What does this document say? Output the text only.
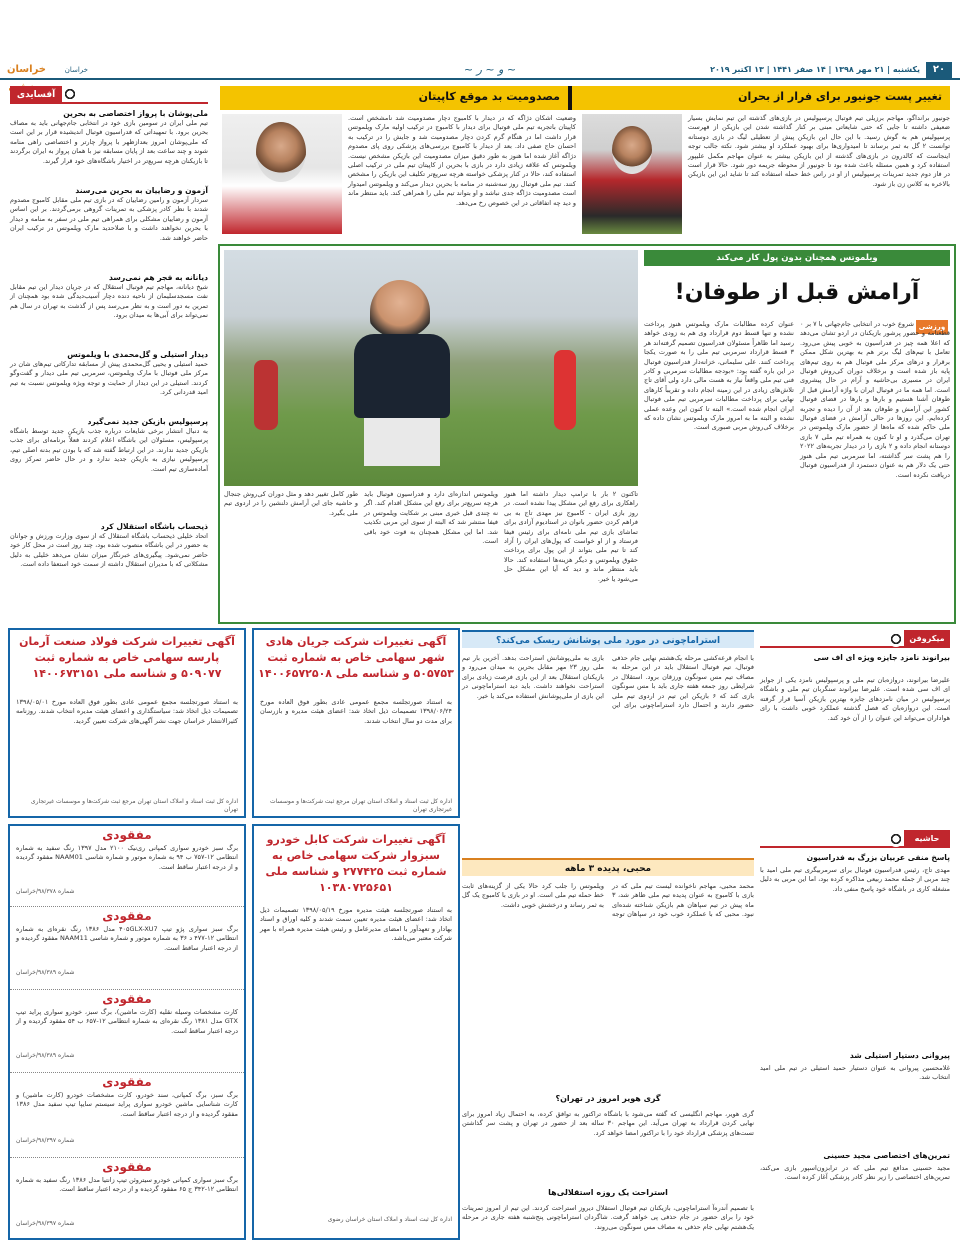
۲۰
یکشنبه | ۲۱ مهر ۱۳۹۸ | ۱۴ صفر ۱۴۴۱ | ۱۳ اکتبر ۲۰۱۹
~ ﻭ ~ ﺭ ~
خراسان	خراسان
تغییر پست جونیور برای فرار از بحران
مصدومیت بد موقع کاپیتان
جونیور برانداگو، مهاجم برزیلی تیم فوتبال پرسپولیس در بازی‌های گذشته این تیم نمایش بسیار ضعیفی داشته تا جایی که حتی شایعاتی مبنی بر کنار گذاشته شدن این بازیکن از فهرست پرسپولیس هم به گوش رسید. با این حال این بازیکن پیش از تعطیلی لیگ در بازی دوستانه توانست ۲ گل به ثمر برساند تا امیدواری‌ها برای بهبود عملکرد او بیشتر شود. نکته جالب توجه اینجاست که کالدرون در بازی‌های گذشته از این بازیکن بیشتر به عنوان مهاجم مکمل علیپور استفاده کرد و همین مسئله باعث شده بود تا جونیور از محوطه جریمه دور شود. حالا قرار است در فاز دوم جدید تمرینات پرسپولیس از او در راس خط حمله استفاده کند تا شاید این این بازیکن بالاخره به کلاس زن باز شود.
وضعیت اشکان دژاگه که در دیدار با کامبوج دچار مصدومیت شد نامشخص است. کاپیتان باتجربه تیم ملی فوتبال برای دیدار با کامبوج در ترکیب اولیه مارک ویلموتس قرار داشت اما در هنگام گرم کردن دچار مصدومیت شد و جایش را در ترکیب به احسان حاج صفی داد. بعد از دیدار با کامبوج بررسی‌های پزشکی روی پای مصدوم دژاگه آغاز شده اما هنوز به طور دقیق میزان مصدومیت این بازیکن مشخص نیست. ویلموتس که علاقه زیادی دارد در بازی با بحرین از کاپیتان تیم ملی در ترکیب اصلی استفاده کند، حالا در کنار پزشکی خواسته هرچه سریع‌تر تکلیف این بازیکن را مشخص کنند. تیم ملی فوتبال روز سه‌شنبه در منامه با بحرین دیدار می‌کند و ویلموتس امیدوار است مصدومیت دژاگه جدی نباشد و او بتواند تیم ملی را همراهی کند. باید منتظر ماند و دید چه اتفاقاتی در این خصوص رخ می‌دهد.
آفسایدی
ملی‌پوشان با پرواز اختصاصی به بحرین
تیم ملی ایران در سومین بازی خود در انتخابی جام‌جهانی باید به مصاف بحرین برود. با تمهیداتی که فدراسیون فوتبال اندیشیده قرار بر این است که ملی‌پوشان امروز بعدازظهر با پرواز چارتر و اختصاصی راهی منامه شوند و چند ساعت بعد از پایان مسابقه نیز با همان پرواز به ایران برگردند تا بازیکنان هرچه سریع‌تر در اختیار باشگاه‌های خود قرار گیرند.
آزمون و رضاییان به بحرین می‌رسند
سردار آزمون و رامین رضاییان که در بازی تیم ملی مقابل کامبوج مصدوم شدند با نظر کادر پزشکی به تمرینات گروهی برمی‌گردند. بر این اساس آزمون و رضاییان مشکلی برای همراهی تیم ملی در سفر به منامه و دیدار با بحرین نخواهند داشت و با صلاحدید مارک ویلموتس در ترکیب ایران حاضر خواهند شد.
دیانانه به فجر هم نمی‌رسد
شیخ دیانانه، مهاجم تیم فوتبال استقلال که در جریان دیدار این تیم مقابل نفت مسجدسلیمان از ناحیه دنده دچار آسیب‌دیدگی شده بود همچنان از تمرین به دور است و به نظر می‌رسد پس از گذشت به تهران در سال هم نمی‌تواند برای آبی‌ها به میدان برود.
دیدار استیلی و گل‌محمدی با ویلموتس
حمید استیلی و یحیی گل‌محمدی پیش از مسابقه تدارکاتی تیم‌های شان در مرکز ملی فوتبال با مارک ویلموتس، سرمربی تیم ملی دیدار و گفت‌وگو کردند. استیلی در این دیدار از حمایت و توجه ویژه ویلموتس نسبت به تیم امید قدردانی کرد.
پرسپولیس بازیکن جدید نمی‌گیرد
به دنبال انتشار برخی شایعات درباره جذب بازیکن جدید توسط باشگاه پرسپولیس، مسئولان این باشگاه اعلام کردند فعلاً برنامه‌ای برای جذب بازیکن جدید ندارند. در این ارتباط گفته شد که با بودن تیم بدنه اصلی تیم، پرسپولیس نیازی به بازیکن جدید ندارد و در حال حاضر تمرکز روی آماده‌سازی تیم است.
ذیحساب باشگاه استقلال کرد
اتحاد خلیلی ذیحساب باشگاه استقلال که از سوی وزارت ورزش و جوانان به حضور در این باشگاه منصوب شده بود، چند روز است در محل کار خود حاضر نمی‌شود. پیگیری‌های خبرنگار میزان نشان می‌دهد خلیلی به دلیل مشکلاتی که با مدیران استقلال داشته از سمت خود استعفا داده است.
ویلموتس همچنان بدون پول کار می‌کند
آرامش قبل از طوفان!
ورزشی
شروع خوب در انتخابی جام‌جهانی با ۷ بر ۰ قطعنامه و حضور پرشور بازیکنان در اردو تشان می‌دهد که اعلا همه چیز در فدراسیون به خوبی پیش می‌رود. تعامل با تیم‌های لیگ برتر هم به بهترین شکل ممکن برقرار و درهای مرکز ملی فوتبال هم به روی تیم‌های پایه باز شده است و برخلاف دوران کی‌روش فوتبال ایران در مسیری بی‌حاشیه و آرام در حال پیشروی است. اما همه ما در فوتبال ایران با واژه آرامش قبل از طوفان آشنا هستیم و بارها و بارها در فضای فوتبال کشور این آرامش و طوفان بعد از آن را دیده و تجربه کرده‌ایم. این روزها در حالی آرامش در فضای فوتبال ملی حاکم شده که ماه‌ها از حضور مارک ویلموتس در تهران می‌گذرد و او تا کنون به همراه تیم ملی ۷ بازی دوستانه انجام داده و ۲ بازی را در دیدار تجربه‌های ۲۰۲۲ را هم پشت سر گذاشته، اما سرمربی تیم ملی هنوز حتی یک دلار هم به عنوان دستمزد از فدراسیون فوتبال دریافت نکرده است.
عنوان کرده مطالبات مارک ویلموتس هنوز پرداخت نشده و تنها قسط دوم قرارداد وی هم به زودی خواهد رسید اما ظاهراً مسئولان فدراسیون تصمیم گرفته‌اند هر ۳ قسط قرارداد سرمربی تیم ملی را به صورت یکجا پرداخت کنند. علی سلیمانی، خزانه‌دار فدراسیون فوتبال در این باره گفته بود: «بودجه مطالبات سرمربی و کادر فنی تیم ملی واقعاً نیاز به هست مالی دارد ولی آقای تاج تلاش‌های زیادی در این زمینه انجام داده و تقریباً کارهای نهایی برای پرداخت مطالبات سرمربی تیم ملی فوتبال ایران انجام شده است.» البته تا کنون این وعده عملی نشده و البته ما به امروز مارک ویلموتس نشان داده که برخلاف کی‌روش مربی صبوری است.
تاکنون ۲ بار با ترامپ دیدار داشته اما هنوز راهکاری برای رفع این مشکل پیدا نشده است. در روز بازی ایران - کامبوج نیز مهدی تاج به بی فراهم کردن حضور بانوان در استادیوم آزادی برای تماشای بازی تیم ملی نامه‌ای برای رئیس فیفا فرستاد و از او خواست که پول‌های ایران را آزاد کند تا تیم ملی بتواند از این پول برای پرداخت حقوق ویلموتس و دیگر هزینه‌ها استفاده کند. حالا باید منتظر ماند و دید که آیا این مشکل حل می‌شود یا خیر.
ویلموتس اندازه‌ای دارد و فدراسیون فوتبال باید هرچه سریع‌تر برای رفع این مشکل اقدام کند. اگر نه چندی قبل خبری مبنی بر شکایت ویلموتس در فیفا منتشر شد که البته از سوی این مربی تکذیب شد. اما این مشکل همچنان به قوت خود باقی است.
طور کامل تغییر دهد و مثل دوران کی‌روش جنجال و حاشیه جای این آرامش دلنشین را در اردوی تیم ملی بگیرد.
میکروفن
بیرانوند نامزد جایزه ویژه ای اف سی
علیرضا بیرانوند، دروازه‌بان تیم ملی و پرسپولیس نامزد یکی از جوایز ای اف سی شده است. علیرضا بیرانوند سنگربان تیم ملی و باشگاه پرسپولیس در میان نامزدهای جایزه بهترین بازیکن آسیا قرار گرفته است. این دروازه‌بان که فصل گذشته عملکرد خوبی داشت با رای هواداران می‌تواند این عنوان را از آن خود کند.
حاشیه
پاسخ منفی عربیان بزرگ به فدراسیون
مهدی تاج، رئیس فدراسیون فوتبال برای سرمربیگری تیم ملی امید با چند مربی از جمله محمد ربیعی مذاکره کرده بود، اما این مربی به دلیل مشغله کاری در باشگاه خود پاسخ منفی داد.
پیروانی دستیار استیلی شد
غلامحسین پیروانی به عنوان دستیار حمید استیلی در تیم ملی امید انتخاب شد.
تمرین‌های اختصاصی مجید حسینی
مجید حسینی مدافع تیم ملی که در ترابزون‌اسپور بازی می‌کند، تمرین‌های اختصاصی را زیر نظر کادر پزشکی آغاز کرده است.
استراماچونی در مورد ملی پوشانش ریسک می‌کند؟
با انجام قرعه‌کشی مرحله یک‌هشتم نهایی جام حذفی فوتبال، تیم فوتبال استقلال باید در این مرحله به مصاف تیم مس سونگون ورزقان برود. استقلال در شرایطی روز جمعه هفته جاری باید با مس سونگون بازی کند که ۶ بازیکن این تیم در اردوی تیم ملی حضور دارند و احتمال دارد استراماچونی برای این بازی به ملی‌پوشانش استراحت بدهد. آخرین بار تیم ملی روز ۲۳ مهر مقابل بحرین به میدان می‌رود و بازیکنان استقلال بعد از این بازی فرصت زیادی برای استراحت نخواهند داشت. باید دید استراماچونی در این بازی از ملی‌پوشانش استفاده می‌کند یا خیر.
محبی، پدیده ۳ ماهه
محمد محبی، مهاجم ناخوانده لیست تیم ملی که در بازی با کامبوج به عنوان پدیده تیم ملی ظاهر شد، ۳ ماه پیش در تیم سپاهان هم بازیکن شناخته شده‌ای نبود. محبی که با عملکرد خوب خود در سپاهان توجه ویلموتس را جلب کرد حالا یکی از گزینه‌های ثابت خط حمله تیم ملی است. او در بازی با کامبوج یک گل به ثمر رساند و درخشش خوبی داشت.
گری هویر امروز در تهران؟
گری هویر، مهاجم انگلیسی که گفته می‌شود با باشگاه تراکتور به توافق کرده، به احتمال زیاد امروز برای نهایی کردن قرارداد به تهران می‌آید. این مهاجم ۳۰ ساله بعد از حضور در تهران و پشت سر گذاشتن تست‌های پزشکی قرارداد خود را با تراکتور امضا خواهد کرد.
استراحت یک روزه استقلالی‌ها
با تصمیم آندره‌آ استراماچونی، بازیکنان تیم فوتبال استقلال دیروز استراحت کردند. این تیم از امروز تمرینات خود را برای حضور در جام حذفی پی خواهد گرفت. شاگردان استراماچونی پنج‌شنبه هفته جاری در مرحله یک‌هشتم نهایی جام حذفی به مصاف مس سونگون می‌روند.
آگهی تغییرات شرکت فولاد صنعت آرمان پارسه سهامی خاص به شماره ثبت ۵۰۹۰۷۷ و شناسه ملی ۱۴۰۰۶۷۳۱۵۱
به استناد صورتجلسه مجمع عمومی عادی بطور فوق العاده مورخ ۱۳۹۸/۰۵/۰۱ تصمیمات ذیل اتخاذ شد: سیاستگذاری و اعضای هیئت مدیره انتخاب شدند. روزنامه کثیرالانتشار خراسان جهت نشر آگهی‌های شرکت تعیین گردید.
اداره کل ثبت اسناد و املاک استان تهران مرجع ثبت شرکت‌ها و موسسات غیرتجاری تهران
آگهی تغییرات شرکت جریان هادی شهر سهامی خاص به شماره ثبت ۵۰۵۷۵۳ و شناسه ملی ۱۴۰۰۶۵۷۲۵۰۸
به استناد صورتجلسه مجمع عمومی عادی بطور فوق العاده مورخ ۱۳۹۸/۰۶/۲۴ تصمیمات ذیل اتخاذ شد: اعضای هیئت مدیره و بازرسان برای مدت دو سال انتخاب شدند.
اداره کل ثبت اسناد و املاک استان تهران مرجع ثبت شرکت‌ها و موسسات غیرتجاری تهران
آگهی تغییرات شرکت کابل خودرو سبزوار شرکت سهامی خاص به شماره ثبت ۲۷۷۴۲۵ و شناسه ملی ۱۰۳۸۰۷۲۵۶۵۱
به استناد صورتجلسه هیئت مدیره مورخ ۱۳۹۸/۰۵/۱۹ تصمیمات ذیل اتخاذ شد: اعضای هیئت مدیره تعیین سمت شدند و کلیه اوراق و اسناد بهادار و تعهدآور با امضای مدیرعامل و رئیس هیئت مدیره همراه با مهر شرکت معتبر می‌باشد.
اداره کل ثبت اسناد و املاک استان خراسان رضوی
مفقودی
برگ سبز خودرو سواری کمپانی ری‌نیک ۲۱۰۰ مدل ۱۳۹۷ رنگ سفید به شماره انتظامی ۱۲-۷۵۷ ب ۹۴ به شماره موتور و شماره شاسی NAAM01 مفقود گردیده و از درجه اعتبار ساقط است.
شماره ۹۸/۳۷۸/خراسان
مفقودی
برگ سبز سواری پژو تیپ ۴۰۵GLX-XU7 مدل ۱۳۸۶ رنگ نقره‌ای به شماره انتظامی ۱۲-۴۷۷ د ۳۶ به شماره موتور و شماره شاسی NAAM11 مفقود گردیده و از درجه اعتبار ساقط است.
شماره ۹۸/۳۸۹/خراسان
مفقودی
کارت مشخصات وسیله نقلیه (کارت ماشین)، برگ سبز، خودرو سواری پراید تیپ GTX مدل ۱۳۸۱ رنگ نقره‌ای به شماره انتظامی ۱۲-۶۵۷ ب ۵۴ مفقود گردیده و از درجه اعتبار ساقط است.
شماره ۹۸/۳۸۹/خراسان
مفقودی
برگ سبز، برگ کمپانی، سند خودرو، کارت مشخصات خودرو (کارت ماشین) و کارت شناسایی ماشین خودرو سواری پراید سیستم سایپا تیپ سفید مدل ۱۳۸۶ مفقود گردیده و از درجه اعتبار ساقط است.
شماره ۹۸/۳۹۷/خراسان
مفقودی
برگ سبز سواری کمپانی خودرو سیتروئن تیپ زانتیا مدل ۱۳۸۶ رنگ سفید به شماره انتظامی ۱۲-۳۴۲ ج ۶۵ مفقود گردیده و از درجه اعتبار ساقط است.
شماره ۹۸/۳۹۷/خراسان
